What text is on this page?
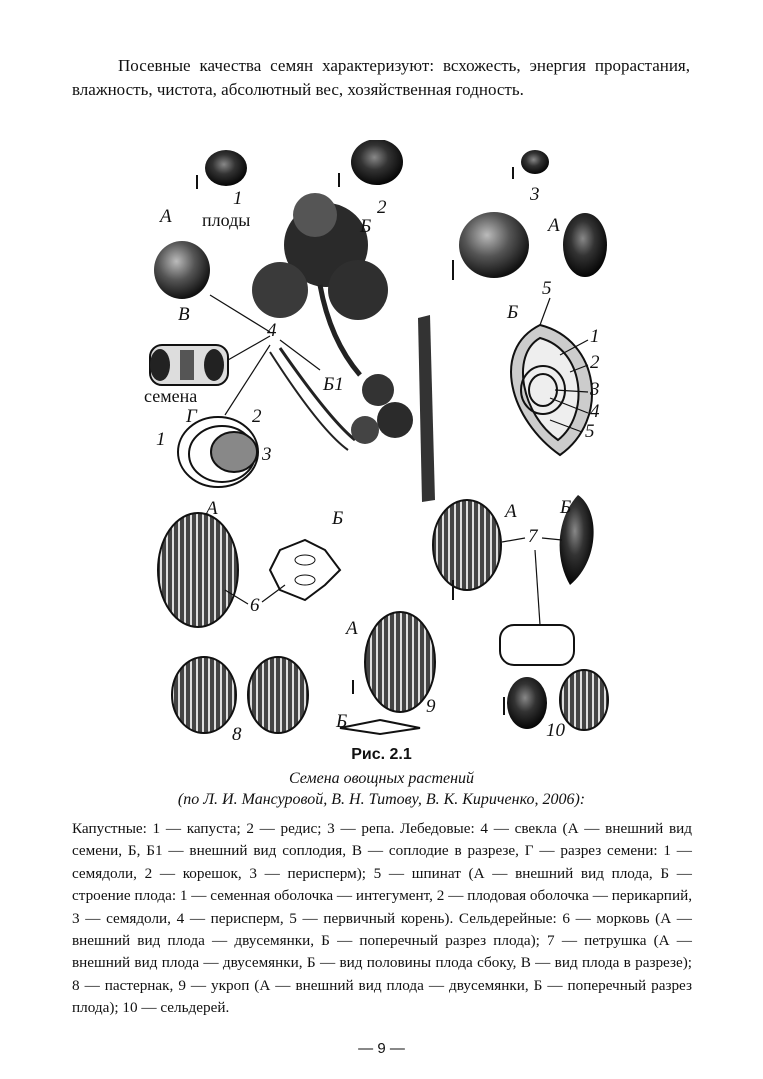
Посевные качества семян характеризуют: всхожесть, энергия прорастания, влажность, чистота, абсолютный вес, хозяйственная годность.

1
плоды
2
3
А	Б	А
5
Б
В
4
семена
Б1
Г
1
2
3
1
2
3
4
5
А	Б
6
А Б
7
А
8
9
Б	10
Рис. 2.1
Семена овощных растений
(по Л. И. Мансуровой, В. Н. Титову, В. К. Кириченко, 2006):

Капустные: 1 — капуста; 2 — редис; 3 — репа. Лебедовые: 4 — свекла (А — внешний вид семени, Б, Б1 — внешний вид соплодия, В — соплодие в разрезе, Г — разрез семени: 1 — семядоли, 2 — корешок, 3 — перисперм); 5 — шпинат (А — внешний вид плода, Б — строение плода: 1 — семенная оболочка — интегумент, 2 — плодовая оболочка — перикарпий, 3 — семядоли, 4 — перисперм, 5 — первичный корень). Сельдерейные: 6 — морковь (А — внешний вид плода — двусемянки, Б — поперечный разрез плода); 7 — петрушка (А — внешний вид плода — двусемянки, Б — вид половины плода сбоку, В — вид плода в разрезе); 8 — пастернак, 9 — укроп (А — внешний вид плода — двусемянки, Б — поперечный разрез плода); 10 — сельдерей.

— 9 —
